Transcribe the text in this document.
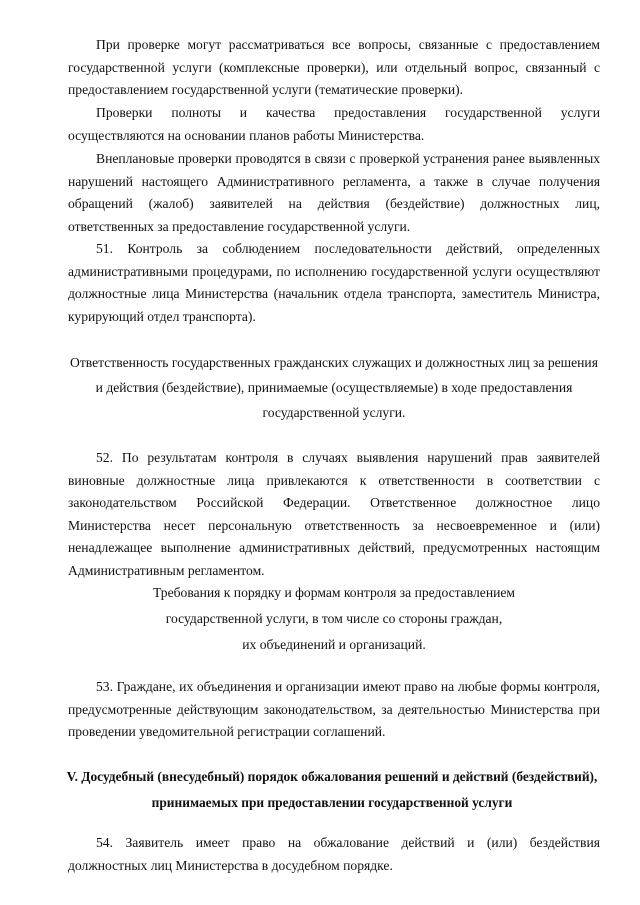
При проверке могут рассматриваться все вопросы, связанные с предоставлением государственной услуги (комплексные проверки), или отдельный вопрос, связанный с предоставлением государственной услуги (тематические проверки).

Проверки полноты и качества предоставления государственной услуги осуществляются на основании планов работы Министерства.

Внеплановые проверки проводятся в связи с проверкой устранения ранее выявленных нарушений настоящего Административного регламента, а также в случае получения обращений (жалоб) заявителей на действия (бездействие) должностных лиц, ответственных за предоставление государственной услуги.

51. Контроль за соблюдением последовательности действий, определенных административными процедурами, по исполнению государственной услуги осуществляют должностные лица Министерства (начальник отдела транспорта, заместитель Министра, курирующий отдел транспорта).

Ответственность государственных гражданских служащих и должностных лиц за решения и действия (бездействие), принимаемые (осуществляемые) в ходе предоставления государственной услуги.

52. По результатам контроля в случаях выявления нарушений прав заявителей виновные должностные лица привлекаются к ответственности в соответствии с законодательством Российской Федерации. Ответственное должностное лицо Министерства несет персональную ответственность за несвоевременное и (или) ненадлежащее выполнение административных действий, предусмотренных настоящим Административным регламентом.

Требования к порядку и формам контроля за предоставлением
государственной услуги, в том числе со стороны граждан,
их объединений и организаций.

53. Граждане, их объединения и организации имеют право на любые формы контроля, предусмотренные действующим законодательством, за деятельностью Министерства при проведении уведомительной регистрации соглашений.

V. Досудебный (внесудебный) порядок обжалования решений и действий (бездействий),
принимаемых при предоставлении государственной услуги

54. Заявитель имеет право на обжалование действий и (или) бездействия должностных лиц Министерства в досудебном порядке.
